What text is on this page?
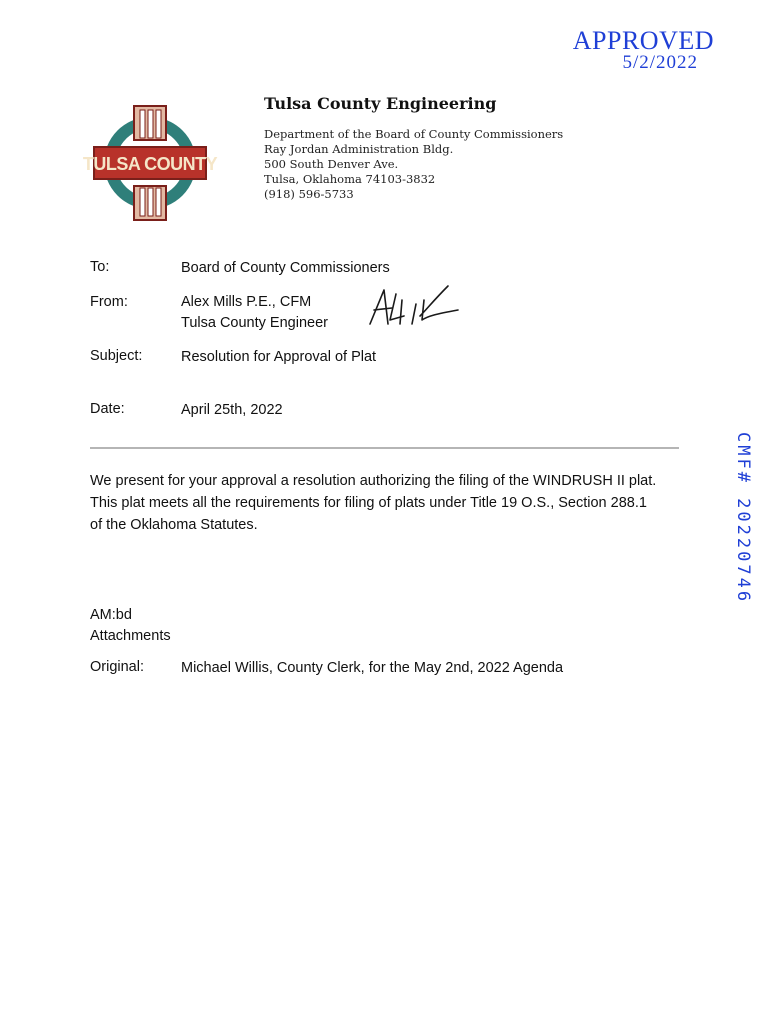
APPROVED
5/2/2022
TULSA COUNTY
Tulsa County Engineering
Department of the Board of County Commissioners
Ray Jordan Administration Bldg.
500 South Denver Ave.
Tulsa, Oklahoma 74103-3832
(918) 596-5733
To:	Board of County Commissioners
From:	Alex Mills P.E., CFM
Tulsa County Engineer
Subject:	Resolution for Approval of Plat
Date:	April 25th, 2022
We present for your approval a resolution authorizing the filing of the WINDRUSH II plat.
This plat meets all the requirements for filing of plats under Title 19 O.S., Section 288.1
of the Oklahoma Statutes.
AM:bd
Attachments
Original:	Michael Willis, County Clerk, for the May 2nd, 2022 Agenda
CMF# 20220746
